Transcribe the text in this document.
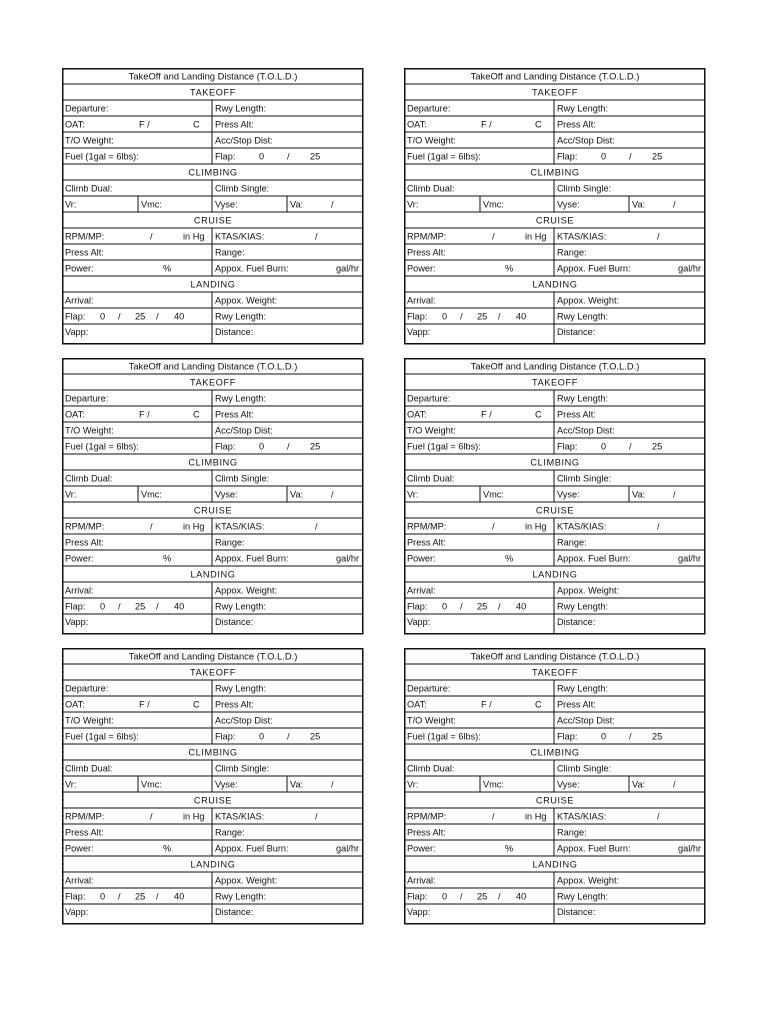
TakeOff and Landing Distance (T.O.L.D.)
TAKEOFF
Departure:	Rwy Length:
OAT:	F /	C Press Alt:
T/O Weight:	Acc/Stop Dist:
Fuel (1gal = 6lbs):	Flap:	0 / 25
CLIMBING
Climb Dual:	Climb Single:
Vr:	Vmc:	Vyse:	Va:	/
CRUISE
RPM/MP:	/	in Hg KTAS/KIAS:	/
Press Alt:	Range:
Power:	%	Appox. Fuel Burn:	gal/hr
LANDING
Arrival:	Appox. Weight:
Flap: 0 / 25 / 40	Rwy Length:
Vapp:	Distance:
TakeOff and Landing Distance (T.O.L.D.)
TAKEOFF
Departure:	Rwy Length:
OAT:	F /	C Press Alt:
T/O Weight:	Acc/Stop Dist:
Fuel (1gal = 6lbs):	Flap:	0 / 25
CLIMBING
Climb Dual:	Climb Single:
Vr:	Vmc:	Vyse:	Va:	/
CRUISE
RPM/MP:	/	in Hg KTAS/KIAS:	/
Press Alt:	Range:
Power:	%	Appox. Fuel Burn:	gal/hr
LANDING
Arrival:	Appox. Weight:
Flap: 0 / 25 / 40	Rwy Length:
Vapp:	Distance:
TakeOff and Landing Distance (T.O.L.D.)
TAKEOFF
Departure:	Rwy Length:
OAT:	F /	C Press Alt:
T/O Weight:	Acc/Stop Dist:
Fuel (1gal = 6lbs):	Flap:	0 / 25
CLIMBING
Climb Dual:	Climb Single:
Vr:	Vmc:	Vyse:	Va:	/
CRUISE
RPM/MP:	/	in Hg KTAS/KIAS:	/
Press Alt:	Range:
Power:	%	Appox. Fuel Burn:	gal/hr
LANDING
Arrival:	Appox. Weight:
Flap: 0 / 25 / 40	Rwy Length:
Vapp:	Distance:
TakeOff and Landing Distance (T.O.L.D.)
TAKEOFF
Departure:	Rwy Length:
OAT:	F /	C Press Alt:
T/O Weight:	Acc/Stop Dist:
Fuel (1gal = 6lbs):	Flap:	0 / 25
CLIMBING
Climb Dual:	Climb Single:
Vr:	Vmc:	Vyse:	Va:	/
CRUISE
RPM/MP:	/	in Hg KTAS/KIAS:	/
Press Alt:	Range:
Power:	%	Appox. Fuel Burn:	gal/hr
LANDING
Arrival:	Appox. Weight:
Flap: 0 / 25 / 40	Rwy Length:
Vapp:	Distance:
TakeOff and Landing Distance (T.O.L.D.)
TAKEOFF
Departure:	Rwy Length:
OAT:	F /	C Press Alt:
T/O Weight:	Acc/Stop Dist:
Fuel (1gal = 6lbs):	Flap:	0 / 25
CLIMBING
Climb Dual:	Climb Single:
Vr:	Vmc:	Vyse:	Va:	/
CRUISE
RPM/MP:	/	in Hg KTAS/KIAS:	/
Press Alt:	Range:
Power:	%	Appox. Fuel Burn:	gal/hr
LANDING
Arrival:	Appox. Weight:
Flap: 0 / 25 / 40	Rwy Length:
Vapp:	Distance:
TakeOff and Landing Distance (T.O.L.D.)
TAKEOFF
Departure:	Rwy Length:
OAT:	F /	C Press Alt:
T/O Weight:	Acc/Stop Dist:
Fuel (1gal = 6lbs):	Flap:	0 / 25
CLIMBING
Climb Dual:	Climb Single:
Vr:	Vmc:	Vyse:	Va:	/
CRUISE
RPM/MP:	/	in Hg KTAS/KIAS:	/
Press Alt:	Range:
Power:	%	Appox. Fuel Burn:	gal/hr
LANDING
Arrival:	Appox. Weight:
Flap: 0 / 25 / 40	Rwy Length:
Vapp:	Distance:
